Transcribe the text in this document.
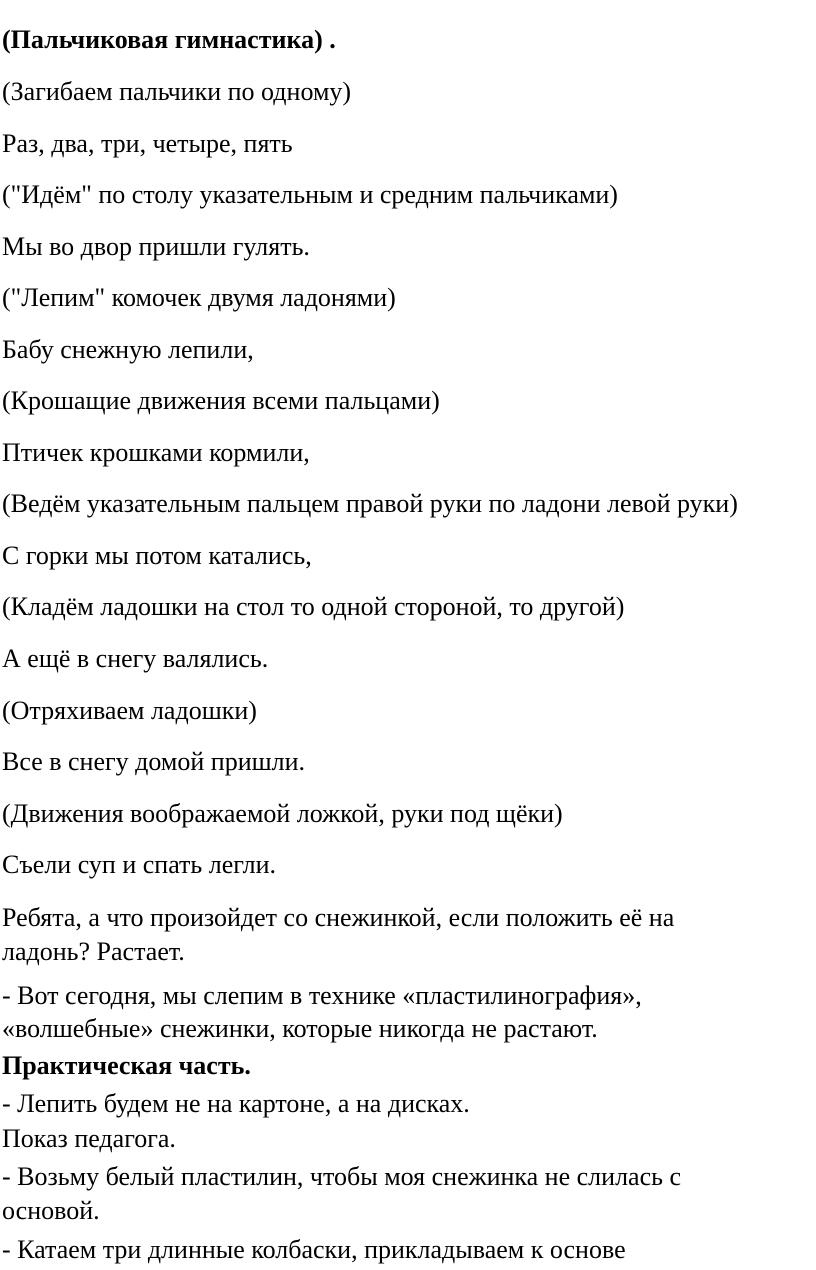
(Пальчиковая гимнастика) .
(Загибаем пальчики по одному)
Раз, два, три, четыре, пять
("Идём" по столу указательным и средним пальчиками)
Мы во двор пришли гулять.
("Лепим" комочек двумя ладонями)
Бабу снежную лепили,
(Крошащие движения всеми пальцами)
Птичек крошками кормили,
(Ведём указательным пальцем правой руки по ладони левой руки)
С горки мы потом катались,
(Кладём ладошки на стол то одной стороной, то другой)
А ещё в снегу валялись.
(Отряхиваем ладошки)
Все в снегу домой пришли.
(Движения воображаемой ложкой, руки под щёки)
Съели суп и спать легли.
Ребята, а что произойдет со снежинкой, если положить её на
ладонь? Растает.
- Вот сегодня, мы слепим в технике «пластилинография»,
«волшебные» снежинки, которые никогда не растают.
Практическая часть.
- Лепить будем не на картоне, а на дисках.
Показ педагога.
- Возьму белый пластилин, чтобы моя снежинка не слилась с
основой.
- Катаем три длинные колбаски, прикладываем к основе
